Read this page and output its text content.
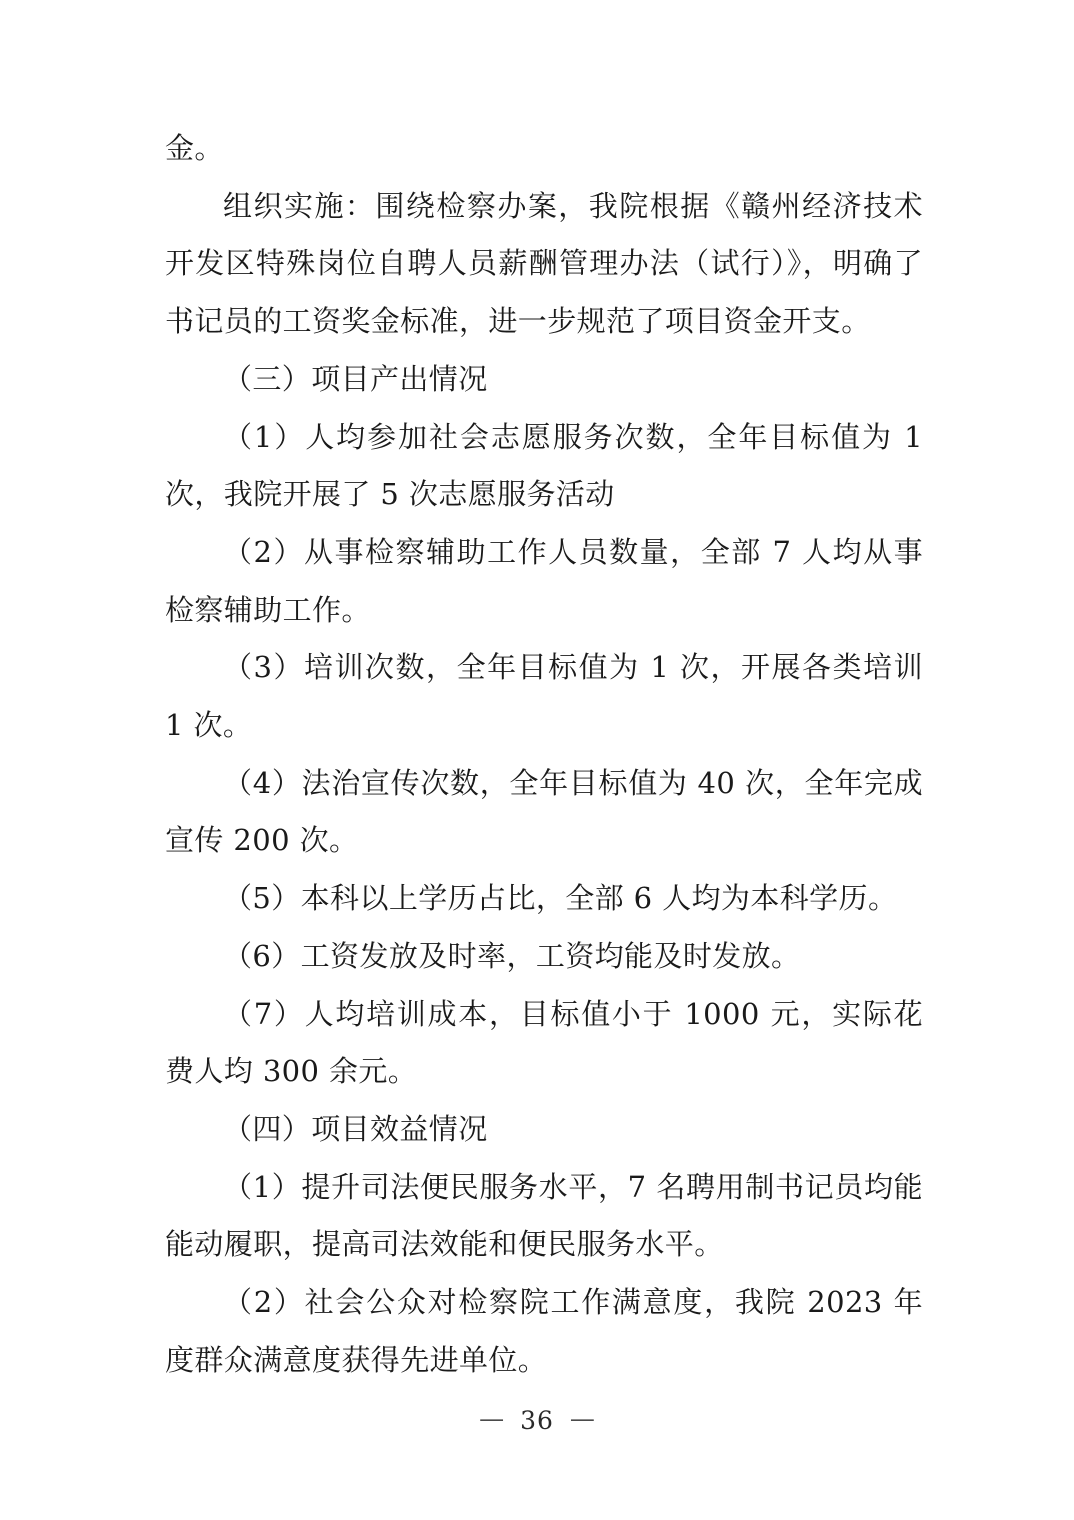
金。

组织实施：围绕检察办案，我院根据《赣州经济技术开发区特殊岗位自聘人员薪酬管理办法（试行）》，明确了书记员的工资奖金标准，进一步规范了项目资金开支。

（三）项目产出情况

（1）人均参加社会志愿服务次数，全年目标值为 1 次，我院开展了 5 次志愿服务活动

（2）从事检察辅助工作人员数量，全部 7 人均从事检察辅助工作。

（3）培训次数，全年目标值为 1 次，开展各类培训 1 次。

（4）法治宣传次数，全年目标值为 40 次，全年完成宣传 200 次。

（5）本科以上学历占比，全部 6 人均为本科学历。

（6）工资发放及时率，工资均能及时发放。

（7）人均培训成本，目标值小于 1000 元，实际花费人均 300 余元。

（四）项目效益情况

（1）提升司法便民服务水平，7 名聘用制书记员均能能动履职，提高司法效能和便民服务水平。

（2）社会公众对检察院工作满意度，我院 2023 年度群众满意度获得先进单位。

— 36 —
